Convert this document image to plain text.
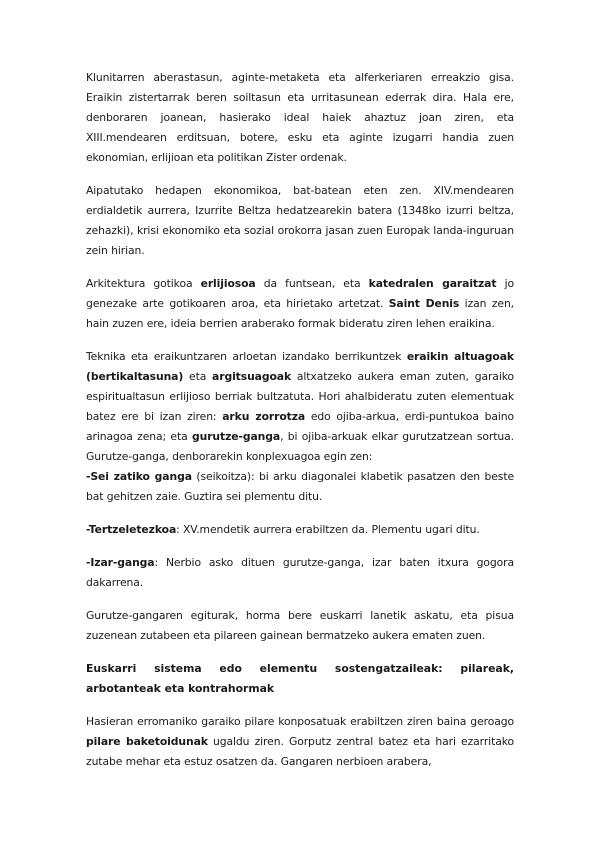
Klunitarren aberastasun, aginte-metaketa eta alferkeriaren erreakzio gisa. Eraikin zistertarrak beren soiltasun eta urritasunean ederrak dira. Hala ere, denboraren joanean, hasierako ideal haiek ahaztuz joan ziren, eta XIII.mendearen erditsuan, botere, esku eta aginte izugarri handia zuen ekonomian, erlijioan eta politikan Zister ordenak.

Aipatutako hedapen ekonomikoa, bat-batean eten zen. XIV.mendearen erdialdetik aurrera, Izurrite Beltza hedatzearekin batera (1348ko izurri beltza, zehazki), krisi ekonomiko eta sozial orokorra jasan zuen Europak landa-inguruan zein hirian.

Arkitektura gotikoa erlijiosoa da funtsean, eta katedralen garaitzat jo genezake arte gotikoaren aroa, eta hirietako artetzat. Saint Denis izan zen, hain zuzen ere, ideia berrien araberako formak bideratu ziren lehen eraikina.

Teknika eta eraikuntzaren arloetan izandako berrikuntzek eraikin altuagoak (bertikaltasuna) eta argitsuagoak altxatzeko aukera eman zuten, garaiko espiritualtasun erlijioso berriak bultzatuta. Hori ahalbideratu zuten elementuak batez ere bi izan ziren: arku zorrotza edo ojiba-arkua, erdi-puntukoa baino arinagoa zena; eta gurutze-ganga, bi ojiba-arkuak elkar gurutzatzean sortua. Gurutze-ganga, denborarekin konplexuagoa egin zen:

-Sei zatiko ganga (seikoitza): bi arku diagonalei klabetik pasatzen den beste bat gehitzen zaie. Guztira sei plementu ditu.

-Tertzeletezkoa: XV.mendetik aurrera erabiltzen da. Plementu ugari ditu.

-Izar-ganga: Nerbio asko dituen gurutze-ganga, izar baten itxura gogora dakarrena.

Gurutze-gangaren egiturak, horma bere euskarri lanetik askatu, eta pisua zuzenean zutabeen eta pilareen gainean bermatzeko aukera ematen zuen.

Euskarri sistema edo elementu sostengatzaileak: pilareak, arbotanteak eta kontrahormak

Hasieran erromaniko garaiko pilare konposatuak erabiltzen ziren baina geroago pilare baketoidunak ugaldu ziren. Gorputz zentral batez eta hari ezarritako zutabe mehar eta estuz osatzen da. Gangaren nerbioen arabera,
